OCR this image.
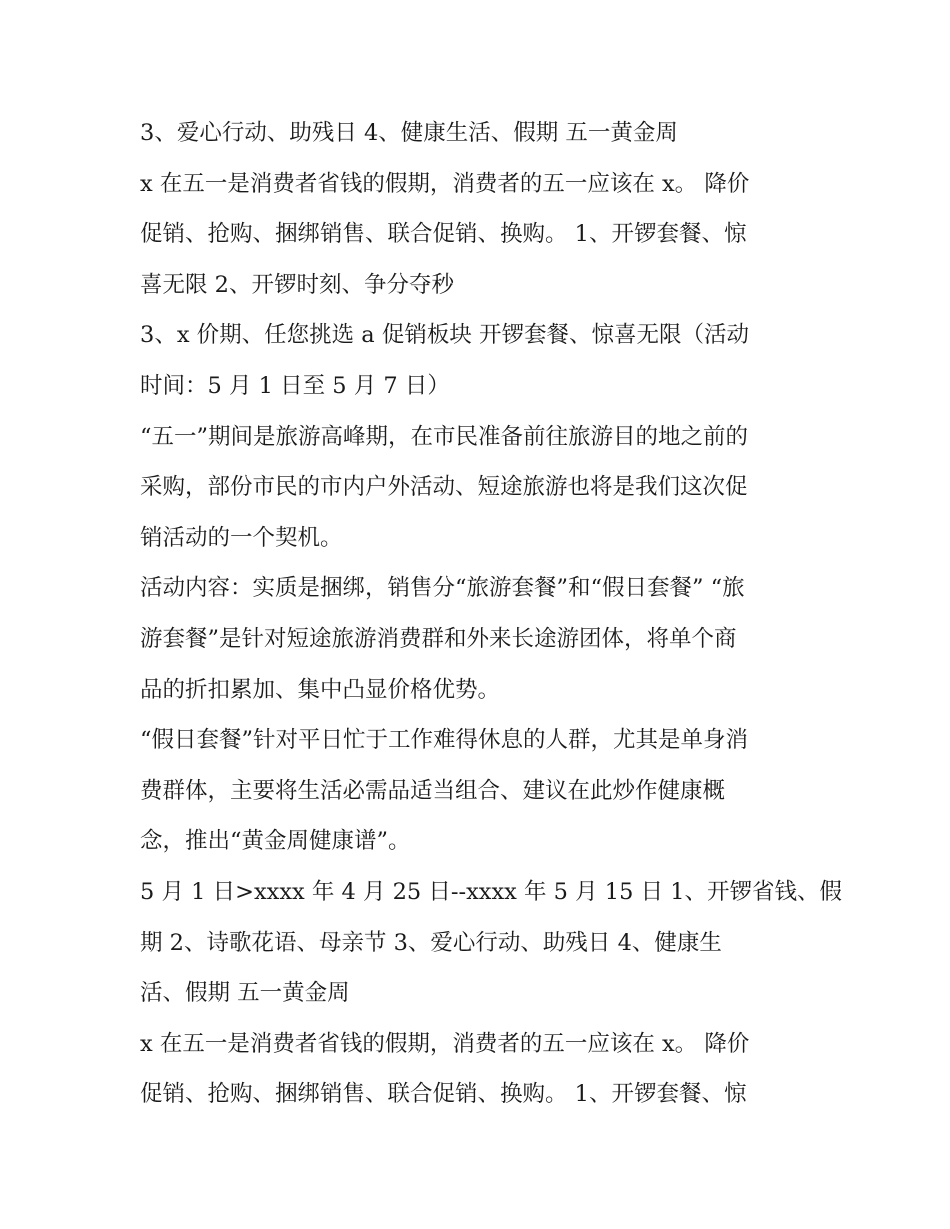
3、爱心行动、助残日 4、健康生活、假期 五一黄金周
x 在五一是消费者省钱的假期，消费者的五一应该在 x。 降价
促销、抢购、捆绑销售、联合促销、换购。 1、开锣套餐、惊
喜无限 2、开锣时刻、争分夺秒
3、x 价期、任您挑选 a 促销板块 开锣套餐、惊喜无限（活动
时间：5 月 1 日至 5 月 7 日）
“五一”期间是旅游高峰期，在市民准备前往旅游目的地之前的
采购，部份市民的市内户外活动、短途旅游也将是我们这次促
销活动的一个契机。
活动内容：实质是捆绑，销售分“旅游套餐”和“假日套餐” “旅
游套餐”是针对短途旅游消费群和外来长途游团体，将单个商
品的折扣累加、集中凸显价格优势。
“假日套餐”针对平日忙于工作难得休息的人群，尤其是单身消
费群体，主要将生活必需品适当组合、建议在此炒作健康概
念，推出“黄金周健康谱”。
5 月 1 日>xxxx 年 4 月 25 日--xxxx 年 5 月 15 日 1、开锣省钱、假
期 2、诗歌花语、母亲节 3、爱心行动、助残日 4、健康生
活、假期 五一黄金周
x 在五一是消费者省钱的假期，消费者的五一应该在 x。 降价
促销、抢购、捆绑销售、联合促销、换购。 1、开锣套餐、惊
